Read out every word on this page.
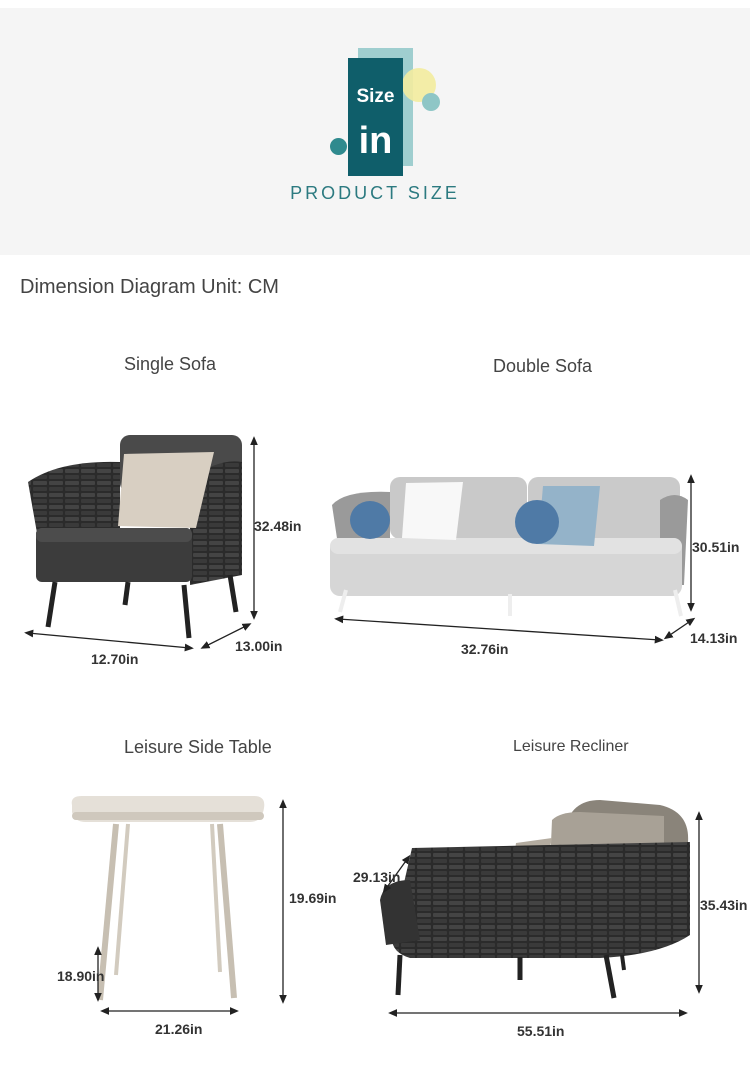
Size
in
PRODUCT SIZE
Dimension Diagram Unit: CM
Single Sofa	Double Sofa
Leisure Side Table	Leisure Recliner
32.48in
12.70in
13.00in
30.51in
32.76in
14.13in
19.69in
18.90in
21.26in
29.13in
35.43in
55.51in
